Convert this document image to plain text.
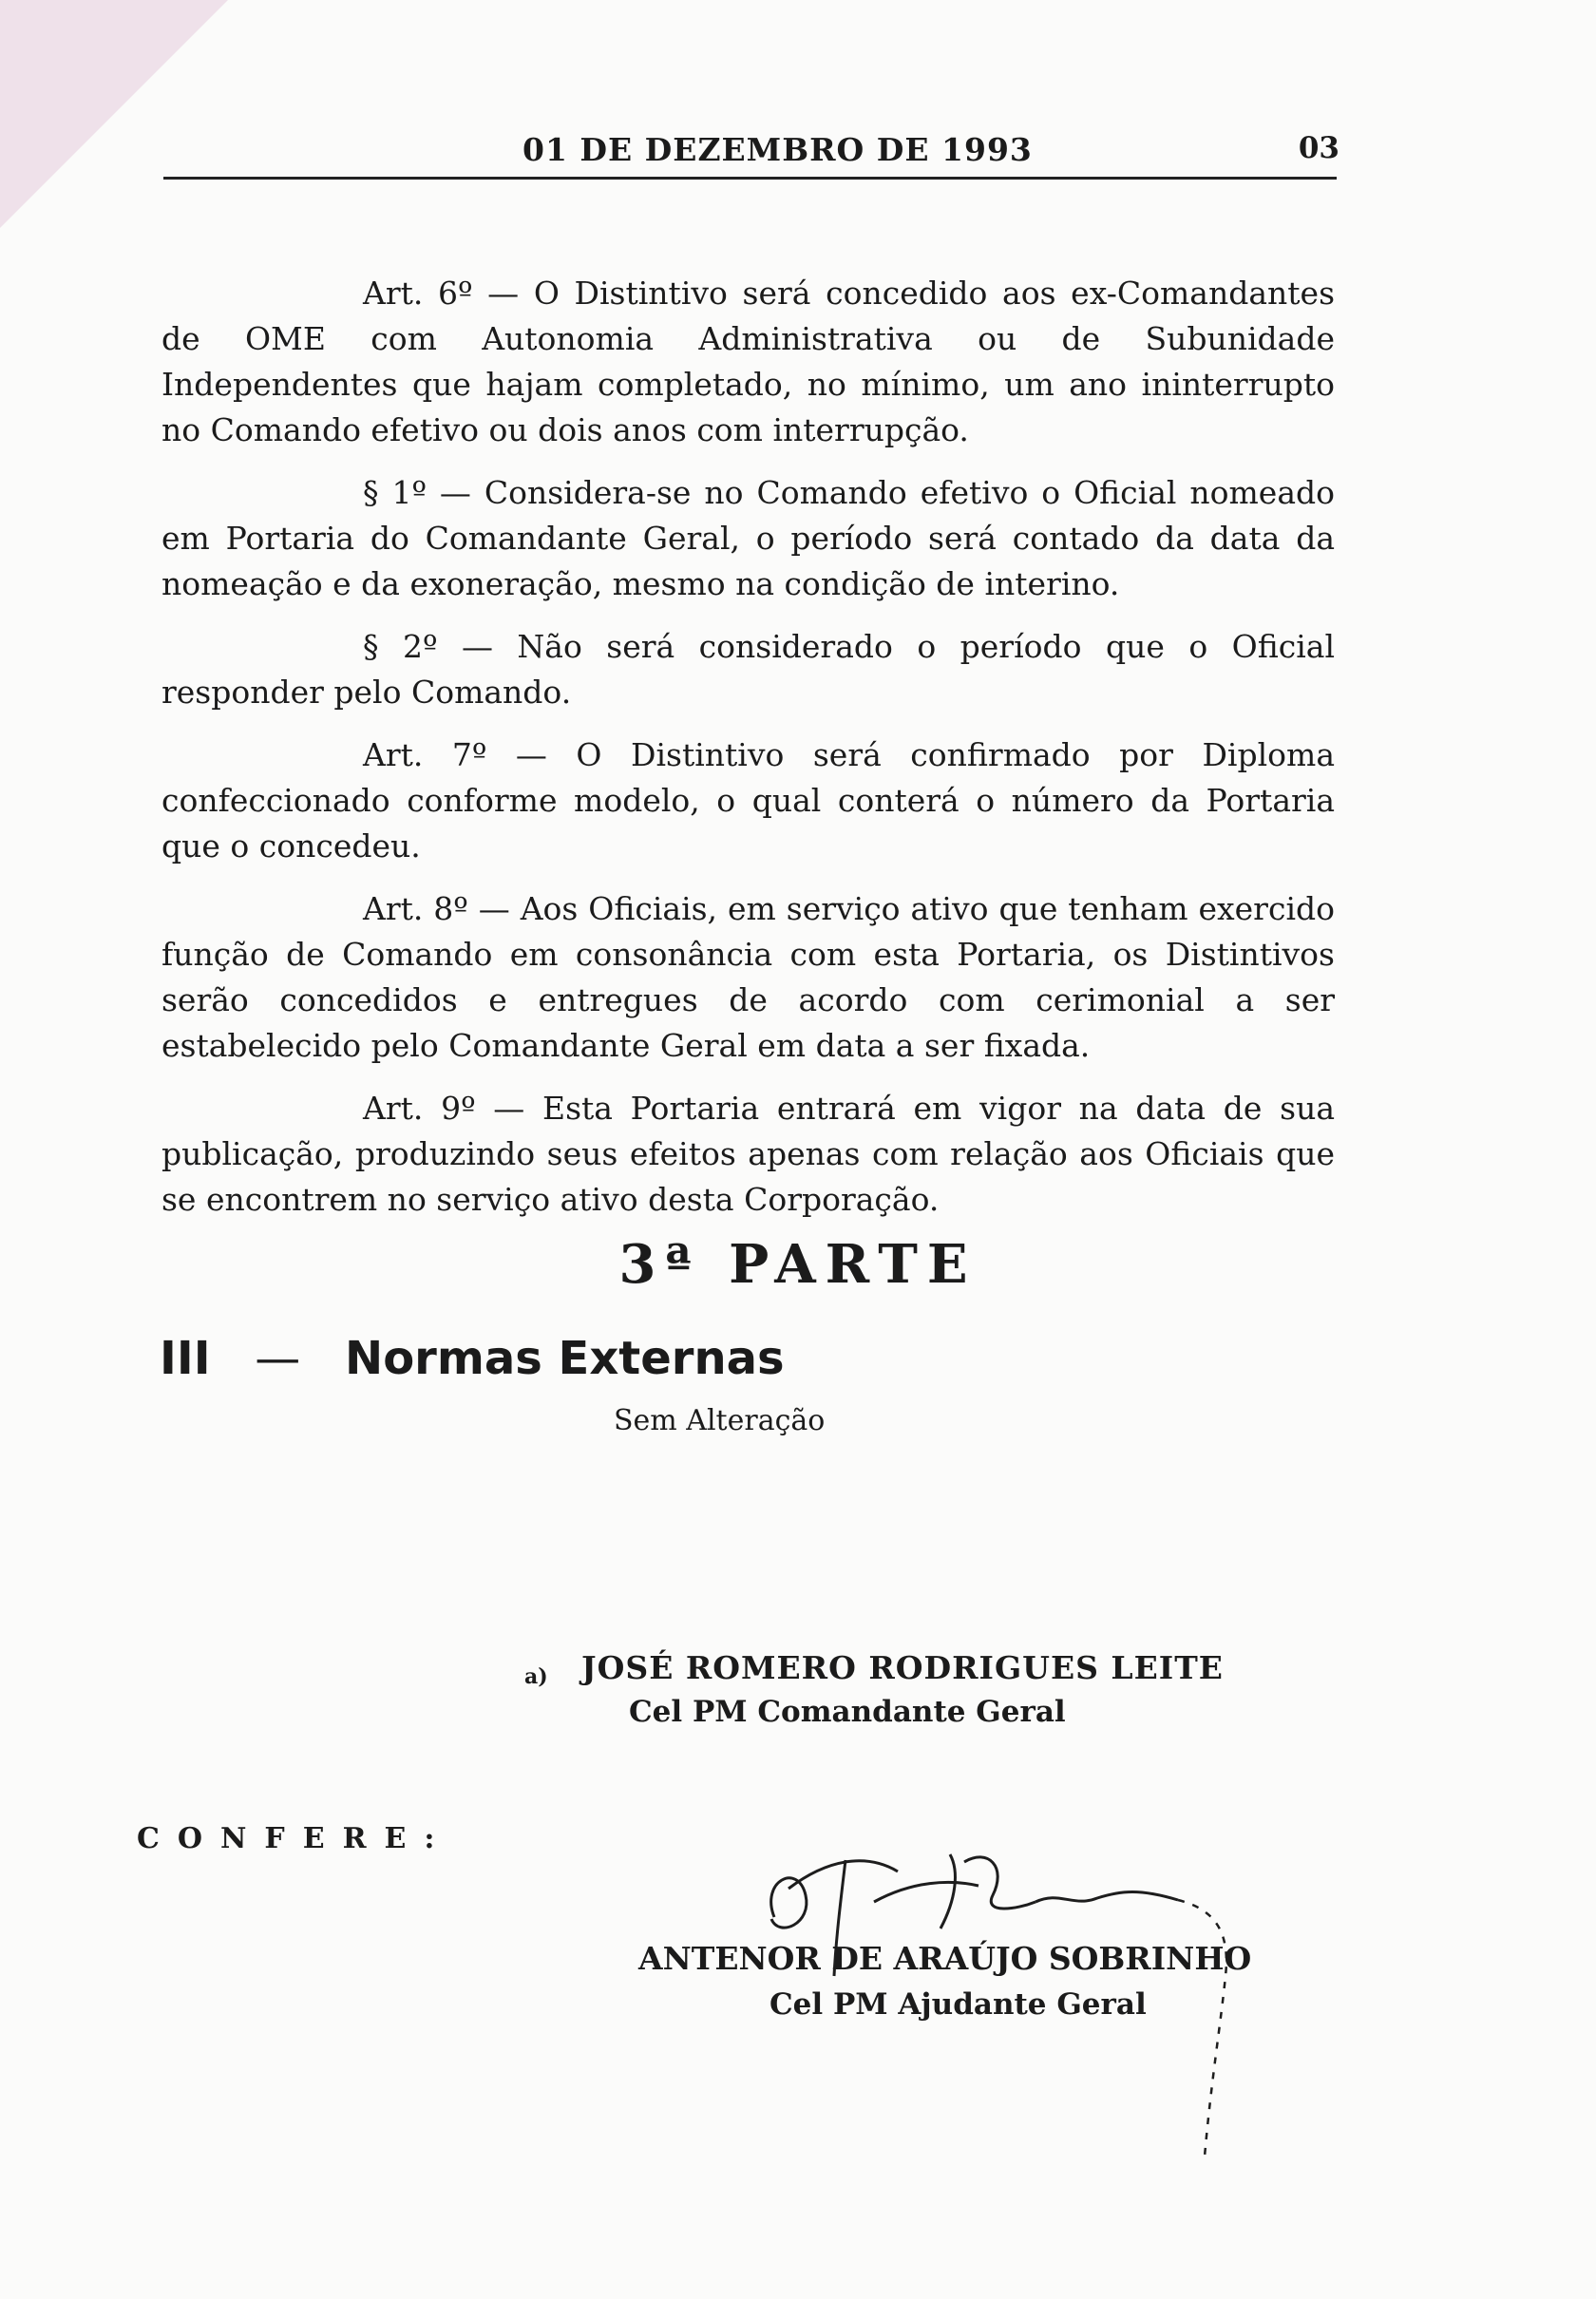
01 DE DEZEMBRO DE 1993	03

Art. 6º — O Distintivo será concedido aos ex-Comandantes de OME com Autonomia Administrativa ou de Subunidade Independentes que hajam completado, no mínimo, um ano ininterrupto no Comando efetivo ou dois anos com interrupção.

§ 1º — Considera-se no Comando efetivo o Oficial nomeado em Portaria do Comandante Geral, o período será contado da data da nomeação e da exoneração, mesmo na condição de interino.

§ 2º — Não será considerado o período que o Oficial responder pelo Comando.

Art. 7º — O Distintivo será confirmado por Diploma confeccionado conforme modelo, o qual conterá o número da Portaria que o concedeu.

Art. 8º — Aos Oficiais, em serviço ativo que tenham exercido função de Comando em consonância com esta Portaria, os Distintivos serão concedidos e entregues de acordo com cerimonial a ser estabelecido pelo Comandante Geral em data a ser fixada.

Art. 9º — Esta Portaria entrará em vigor na data de sua publicação, produzindo seus efeitos apenas com relação aos Oficiais que se encontrem no serviço ativo desta Corporação.

3ª PARTE
III — Normas Externas
Sem Alteração
a) JOSÉ ROMERO RODRIGUES LEITE
Cel PM Comandante Geral
CONFERE:
ANTENOR DE ARAÚJO SOBRINHO
Cel PM Ajudante Geral
